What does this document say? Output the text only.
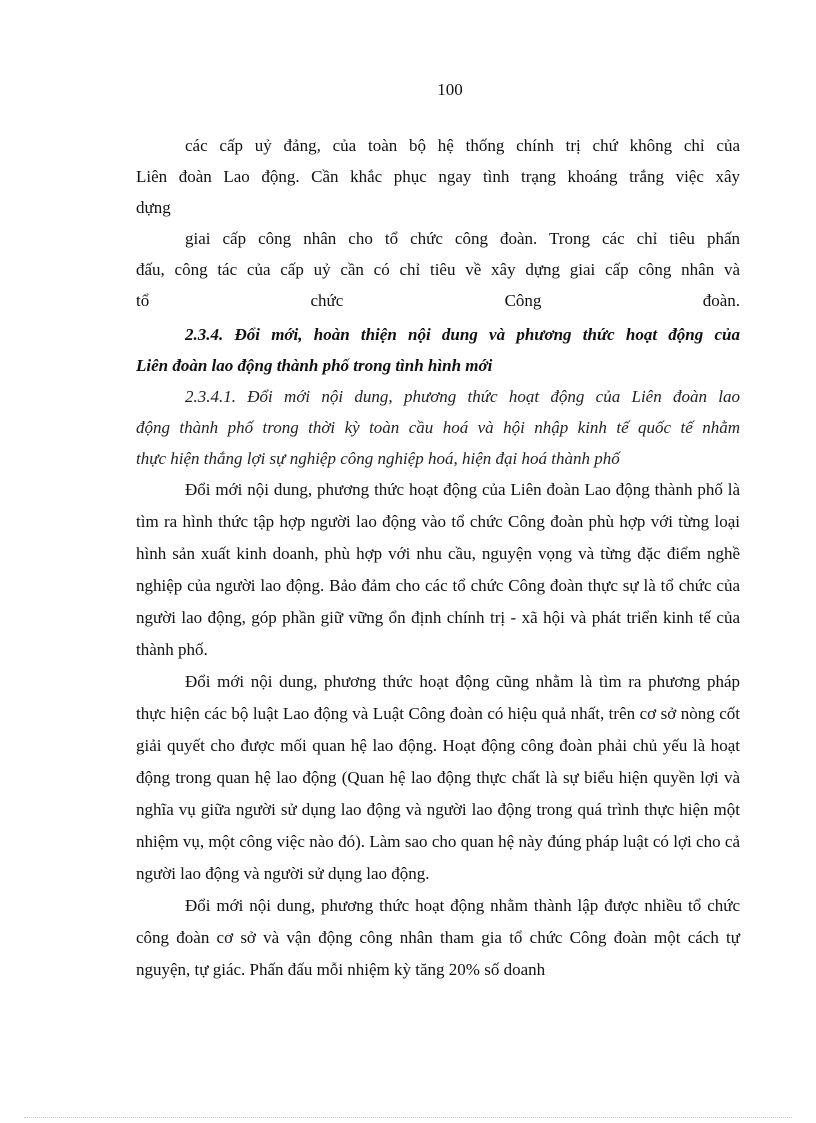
100

các cấp uỷ đảng, của toàn bộ hệ thống chính trị chứ không chỉ của

Liên đoàn Lao động. Cần khắc phục ngay tình trạng khoáng trắng việc xây

dựng

giai cấp công nhân cho tổ chức công đoàn. Trong các chỉ tiêu phấn

đấu, công tác của cấp uỷ cần có chỉ tiêu về xây dựng giai cấp công nhân và

tổ chức Công đoàn.

2.3.4. Đổi mới, hoàn thiện nội dung và phương thức hoạt động của

Liên đoàn lao động thành phố trong tình hình mới

2.3.4.1. Đổi mới nội dung, phương thức hoạt động của Liên đoàn lao

động thành phố trong thời kỳ toàn cầu hoá và hội nhập kinh tế quốc tế nhằm

thực hiện thắng lợi sự nghiệp công nghiệp hoá, hiện đại hoá thành phố

Đổi mới nội dung, phương thức hoạt động của Liên đoàn Lao động thành phố là tìm ra hình thức tập hợp người lao động vào tổ chức Công đoàn phù hợp với từng loại hình sản xuất kinh doanh, phù hợp với nhu cầu, nguyện vọng và từng đặc điểm nghề nghiệp của người lao động. Bảo đảm cho các tổ chức Công đoàn thực sự là tổ chức của người lao động, góp phần giữ vững ổn định chính trị - xã hội và phát triển kinh tế của thành phố.

Đổi mới nội dung, phương thức hoạt động cũng nhằm là tìm ra phương pháp thực hiện các bộ luật Lao động và Luật Công đoàn có hiệu quả nhất, trên cơ sở nòng cốt giải quyết cho được mối quan hệ lao động. Hoạt động công đoàn phải chủ yếu là hoạt động trong quan hệ lao động (Quan hệ lao động thực chất là sự biểu hiện quyền lợi và nghĩa vụ giữa người sử dụng lao động và người lao động trong quá trình thực hiện một nhiệm vụ, một công việc nào đó). Làm sao cho quan hệ này đúng pháp luật có lợi cho cả người lao động và người sử dụng lao động.

Đổi mới nội dung, phương thức hoạt động nhằm thành lập được nhiều tổ chức công đoàn cơ sở và vận động công nhân tham gia tổ chức Công đoàn một cách tự nguyện, tự giác. Phấn đấu mỗi nhiệm kỳ tăng 20% số doanh
